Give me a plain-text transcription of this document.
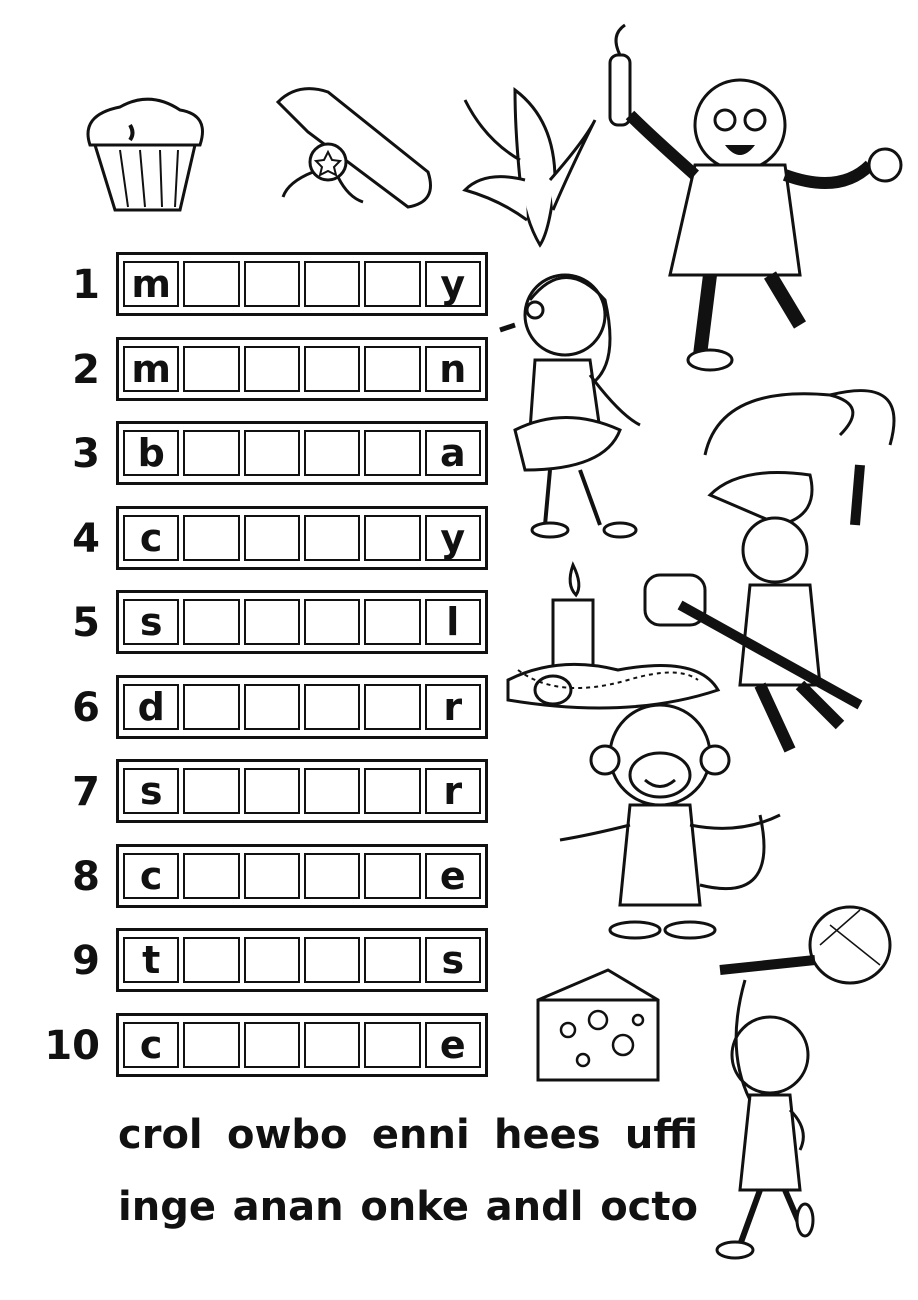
1 m	y
2 m	n
3 b	a
4	c	y
5	s	l
6 d	r
7	s	r
8	c	e
9	t	s
10	c	e
crol owbo enni hees uffi
inge anan onke andl octo
